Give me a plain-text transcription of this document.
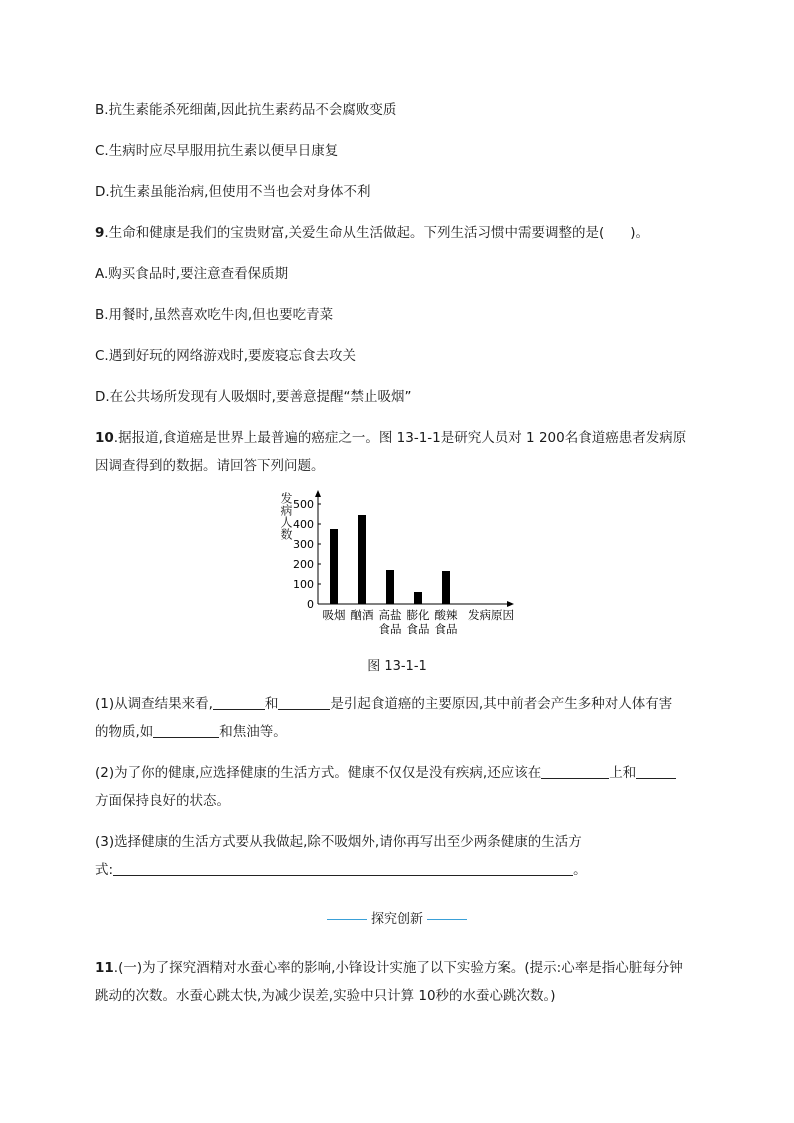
B.抗生素能杀死细菌,因此抗生素药品不会腐败变质
C.生病时应尽早服用抗生素以便早日康复
D.抗生素虽能治病,但使用不当也会对身体不利
9.生命和健康是我们的宝贵财富,关爱生命从生活做起。下列生活习惯中需要调整的是( )。
A.购买食品时,要注意查看保质期
B.用餐时,虽然喜欢吃牛肉,但也要吃青菜
C.遇到好玩的网络游戏时,要废寝忘食去攻关
D.在公共场所发现有人吸烟时,要善意提醒“禁止吸烟”
10.据报道,食道癌是世界上最普遍的癌症之一。图 13-1-1是研究人员对 1 200名食道癌患者发病原
因调查得到的数据。请回答下列问题。
发病人数
0
100
200
300
400
500
吸烟 酗酒 高盐
食品
膨化
食品
酸辣
食品
发病原因
图 13-1-1
(1)从调查结果来看,	和	是引起食道癌的主要原因,其中前者会产生多种对人体有害
的物质,如	和焦油等。
(2)为了你的健康,应选择健康的生活方式。健康不仅仅是没有疾病,还应该在	上和
方面保持良好的状态。
(3)选择健康的生活方式要从我做起,除不吸烟外,请你再写出至少两条健康的生活方
式:	。
探究创新
11.(一)为了探究酒精对水蚕心率的影响,小锋设计实施了以下实验方案。(提示:心率是指心脏每分钟
跳动的次数。水蚕心跳太快,为减少误差,实验中只计算 10秒的水蚕心跳次数。)
